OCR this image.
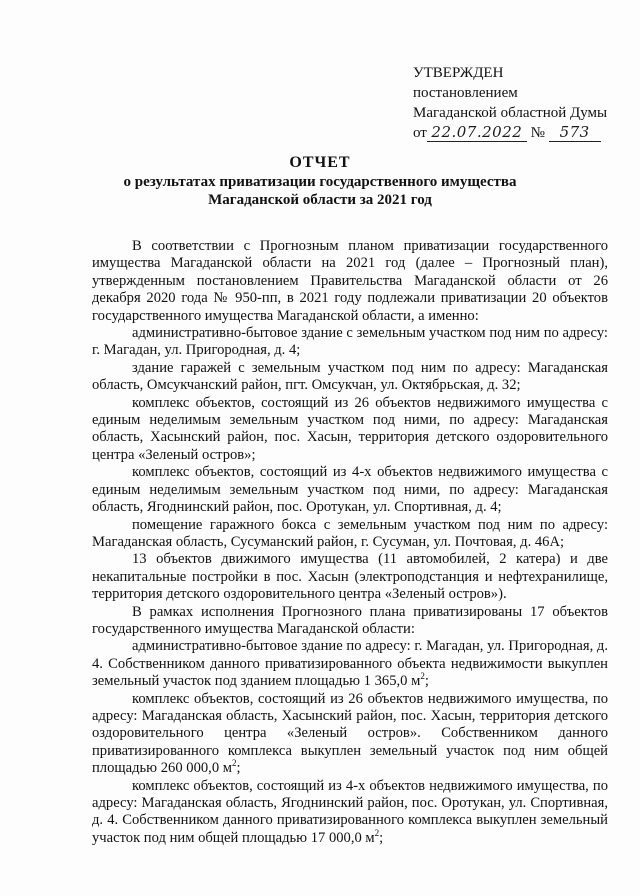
УТВЕРЖДЕН
постановлением
Магаданской областной Думы
от 22.07.2022 № 573
ОТЧЕТ
о результатах приватизации государственного имущества
Магаданской области за 2021 год

В соответствии с Прогнозным планом приватизации государственного имущества Магаданской области на 2021 год (далее – Прогнозный план), утвержденным постановлением Правительства Магаданской области от 26 декабря 2020 года № 950-пп, в 2021 году подлежали приватизации 20 объектов государственного имущества Магаданской области, а именно:

административно-бытовое здание с земельным участком под ним по адресу: г. Магадан, ул. Пригородная, д. 4;

здание гаражей с земельным участком под ним по адресу: Магаданская область, Омсукчанский район, пгт. Омсукчан, ул. Октябрьская, д. 32;

комплекс объектов, состоящий из 26 объектов недвижимого имущества с единым неделимым земельным участком под ними, по адресу: Магаданская область, Хасынский район, пос. Хасын, территория детского оздоровительного центра «Зеленый остров»;

комплекс объектов, состоящий из 4-х объектов недвижимого имущества с единым неделимым земельным участком под ними, по адресу: Магаданская область, Ягоднинский район, пос. Оротукан, ул. Спортивная, д. 4;

помещение гаражного бокса с земельным участком под ним по адресу: Магаданская область, Сусуманский район, г. Сусуман, ул. Почтовая, д. 46А;

13 объектов движимого имущества (11 автомобилей, 2 катера) и две некапитальные постройки в пос. Хасын (электроподстанция и нефтехранилище, территория детского оздоровительного центра «Зеленый остров»).

В рамках исполнения Прогнозного плана приватизированы 17 объектов государственного имущества Магаданской области:

административно-бытовое здание по адресу: г. Магадан, ул. Пригородная, д. 4. Собственником данного приватизированного объекта недвижимости выкуплен земельный участок под зданием площадью 1 365,0 $м^2$;

комплекс объектов, состоящий из 26 объектов недвижимого имущества, по адресу: Магаданская область, Хасынский район, пос. Хасын, территория детского оздоровительного центра «Зеленый остров». Собственником данного приватизированного комплекса выкуплен земельный участок под ним общей площадью 260 000,0 $м^2$;

комплекс объектов, состоящий из 4-х объектов недвижимого имущества, по адресу: Магаданская область, Ягоднинский район, пос. Оротукан, ул. Спортивная, д. 4. Собственником данного приватизированного комплекса выкуплен земельный участок под ним общей площадью 17 000,0 $м^2$;
